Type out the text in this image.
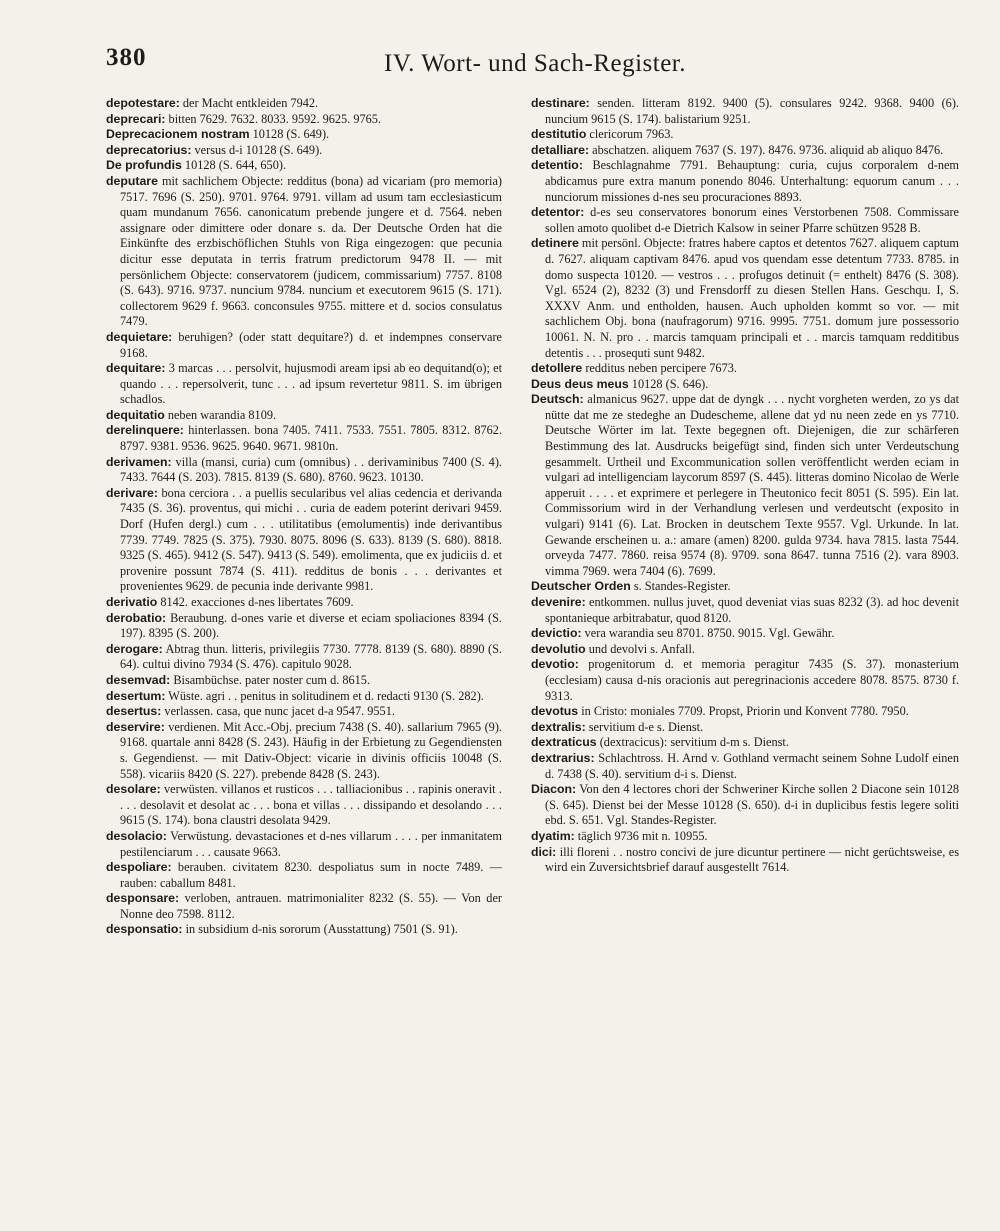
380	IV. Wort- und Sach-Register.

depotestare: der Macht entkleiden 7942.

deprecari: bitten 7629. 7632. 8033. 9592. 9625. 9765.

Deprecacionem nostram 10128 (S. 649).

deprecatorius: versus d-i 10128 (S. 649).

De profundis 10128 (S. 644, 650).

deputare mit sachlichem Objecte: redditus (bona) ad vicariam (pro memoria) 7517. 7696 (S. 250). 9701. 9764. 9791. villam ad usum tam ecclesiasticum quam mundanum 7656. canonicatum prebende jungere et d. 7564. neben assignare oder dimittere oder donare s. da. Der Deutsche Orden hat die Einkünfte des erzbischöflichen Stuhls von Riga eingezogen: que pecunia dicitur esse deputata in terris fratrum predictorum 9478 II. — mit persönlichem Objecte: conservatorem (judicem, commissarium) 7757. 8108 (S. 643). 9716. 9737. nuncium 9784. nuncium et executorem 9615 (S. 171). collectorem 9629 f. 9663. conconsules 9755. mittere et d. socios consulatus 7479.

dequietare: beruhigen? (oder statt dequitare?) d. et indempnes conservare 9168.

dequitare: 3 marcas . . . persolvit, hujusmodi aream ipsi ab eo dequitand(o); et quando . . . repersolverit, tunc . . . ad ipsum revertetur 9811. S. im übrigen schadlos.

dequitatio neben warandia 8109.

derelinquere: hinterlassen. bona 7405. 7411. 7533. 7551. 7805. 8312. 8762. 8797. 9381. 9536. 9625. 9640. 9671. 9810n.

derivamen: villa (mansi, curia) cum (omnibus) . . derivaminibus 7400 (S. 4). 7433. 7644 (S. 203). 7815. 8139 (S. 680). 8760. 9623. 10130.

derivare: bona cerciora . . a puellis secularibus vel alias cedencia et derivanda 7435 (S. 36). proventus, qui michi . . curia de eadem poterint derivari 9459. Dorf (Hufen dergl.) cum . . . utilitatibus (emolumentis) inde derivantibus 7739. 7749. 7825 (S. 375). 7930. 8075. 8096 (S. 633). 8139 (S. 680). 8818. 9325 (S. 465). 9412 (S. 547). 9413 (S. 549). emolimenta, que ex judiciis d. et provenire possunt 7874 (S. 411). redditus de bonis . . . derivantes et provenientes 9629. de pecunia inde derivante 9981.

derivatio 8142. exacciones d-nes libertates 7609.

derobatio: Beraubung. d-ones varie et diverse et eciam spoliaciones 8394 (S. 197). 8395 (S. 200).

derogare: Abtrag thun. litteris, privilegiis 7730. 7778. 8139 (S. 680). 8890 (S. 64). cultui divino 7934 (S. 476). capitulo 9028.

desemvad: Bisambüchse. pater noster cum d. 8615.

desertum: Wüste. agri . . penitus in solitudinem et d. redacti 9130 (S. 282).

desertus: verlassen. casa, que nunc jacet d-a 9547. 9551.

deservire: verdienen. Mit Acc.-Obj. precium 7438 (S. 40). sallarium 7965 (9). 9168. quartale anni 8428 (S. 243). Häufig in der Erbietung zu Gegendiensten s. Gegendienst. — mit Dativ-Object: vicarie in divinis officiis 10048 (S. 558). vicariis 8420 (S. 227). prebende 8428 (S. 243).

desolare: verwüsten. villanos et rusticos . . . talliacionibus . . rapinis oneravit . . . . desolavit et desolat ac . . . bona et villas . . . dissipando et desolando . . . 9615 (S. 174). bona claustri desolata 9429.

desolacio: Verwüstung. devastaciones et d-nes villarum . . . . per inmanitatem pestilenciarum . . . causate 9663.

despoliare: berauben. civitatem 8230. despoliatus sum in nocte 7489. — rauben: caballum 8481.

desponsare: verloben, antrauen. matrimonialiter 8232 (S. 55). — Von der Nonne deo 7598. 8112.

desponsatio: in subsidium d-nis sororum (Ausstattung) 7501 (S. 91).

destinare: senden. litteram 8192. 9400 (5). consulares 9242. 9368. 9400 (6). nuncium 9615 (S. 174). balistarium 9251.

destitutio clericorum 7963.

detalliare: abschatzen. aliquem 7637 (S. 197). 8476. 9736. aliquid ab aliquo 8476.

detentio: Beschlagnahme 7791. Behauptung: curia, cujus corporalem d-nem abdicamus pure extra manum ponendo 8046. Unterhaltung: equorum canum . . . nunciorum missiones d-nes seu procuraciones 8893.

detentor: d-es seu conservatores bonorum eines Verstorbenen 7508. Commissare sollen amoto quolibet d-e Dietrich Kalsow in seiner Pfarre schützen 9528 B.

detinere mit persönl. Objecte: fratres habere captos et detentos 7627. aliquem captum d. 7627. aliquam captivam 8476. apud vos quendam esse detentum 7733. 8785. in domo suspecta 10120. — vestros . . . profugos detinuit (= enthelt) 8476 (S. 308). Vgl. 6524 (2), 8232 (3) und Frensdorff zu diesen Stellen Hans. Geschqu. I, S. XXXV Anm. und entholden, hausen. Auch upholden kommt so vor. — mit sachlichem Obj. bona (naufragorum) 9716. 9995. 7751. domum jure possessorio 10061. N. N. pro . . marcis tamquam principali et . . marcis tamquam redditibus detentis . . . prosequti sunt 9482.

detollere redditus neben percipere 7673.

Deus deus meus 10128 (S. 646).

Deutsch: almanicus 9627. uppe dat de dyngk . . . nycht vorgheten werden, zo ys dat nütte dat me ze stedeghe an Dudescheme, allene dat yd nu neen zede en ys 7710. Deutsche Wörter im lat. Texte begegnen oft. Diejenigen, die zur schärferen Bestimmung des lat. Ausdrucks beigefügt sind, finden sich unter Verdeutschung gesammelt. Urtheil und Excommunication sollen veröffentlicht werden eciam in vulgari ad intelligenciam laycorum 8597 (S. 445). litteras domino Nicolao de Werle apperuit . . . . et exprimere et perlegere in Theutonico fecit 8051 (S. 595). Ein lat. Commissorium wird in der Verhandlung verlesen und verdeutscht (exposito in vulgari) 9141 (6). Lat. Brocken in deutschem Texte 9557. Vgl. Urkunde. In lat. Gewande erscheinen u. a.: amare (amen) 8200. gulda 9734. hava 7815. lasta 7544. orveyda 7477. 7860. reisa 9574 (8). 9709. sona 8647. tunna 7516 (2). vara 8903. vimma 7969. wera 7404 (6). 7699.

Deutscher Orden s. Standes-Register.

devenire: entkommen. nullus juvet, quod deveniat vias suas 8232 (3). ad hoc devenit spontanieque arbitrabatur, quod 8120.

devictio: vera warandia seu 8701. 8750. 9015. Vgl. Gewähr.

devolutio und devolvi s. Anfall.

devotio: progenitorum d. et memoria peragitur 7435 (S. 37). monasterium (ecclesiam) causa d-nis oracionis aut peregrinacionis accedere 8078. 8575. 8730 f. 9313.

devotus in Cristo: moniales 7709. Propst, Priorin und Konvent 7780. 7950.

dextralis: servitium d-e s. Dienst.

dextraticus (dextracicus): servitium d-m s. Dienst.

dextrarius: Schlachtross. H. Arnd v. Gothland vermacht seinem Sohne Ludolf einen d. 7438 (S. 40). servitium d-i s. Dienst.

Diacon: Von den 4 lectores chori der Schweriner Kirche sollen 2 Diacone sein 10128 (S. 645). Dienst bei der Messe 10128 (S. 650). d-i in duplicibus festis legere soliti ebd. S. 651. Vgl. Standes-Register.

dyatim: täglich 9736 mit n. 10955.

dici: illi floreni . . nostro concivi de jure dicuntur pertinere — nicht gerüchtsweise, es wird ein Zuversichtsbrief darauf ausgestellt 7614.
